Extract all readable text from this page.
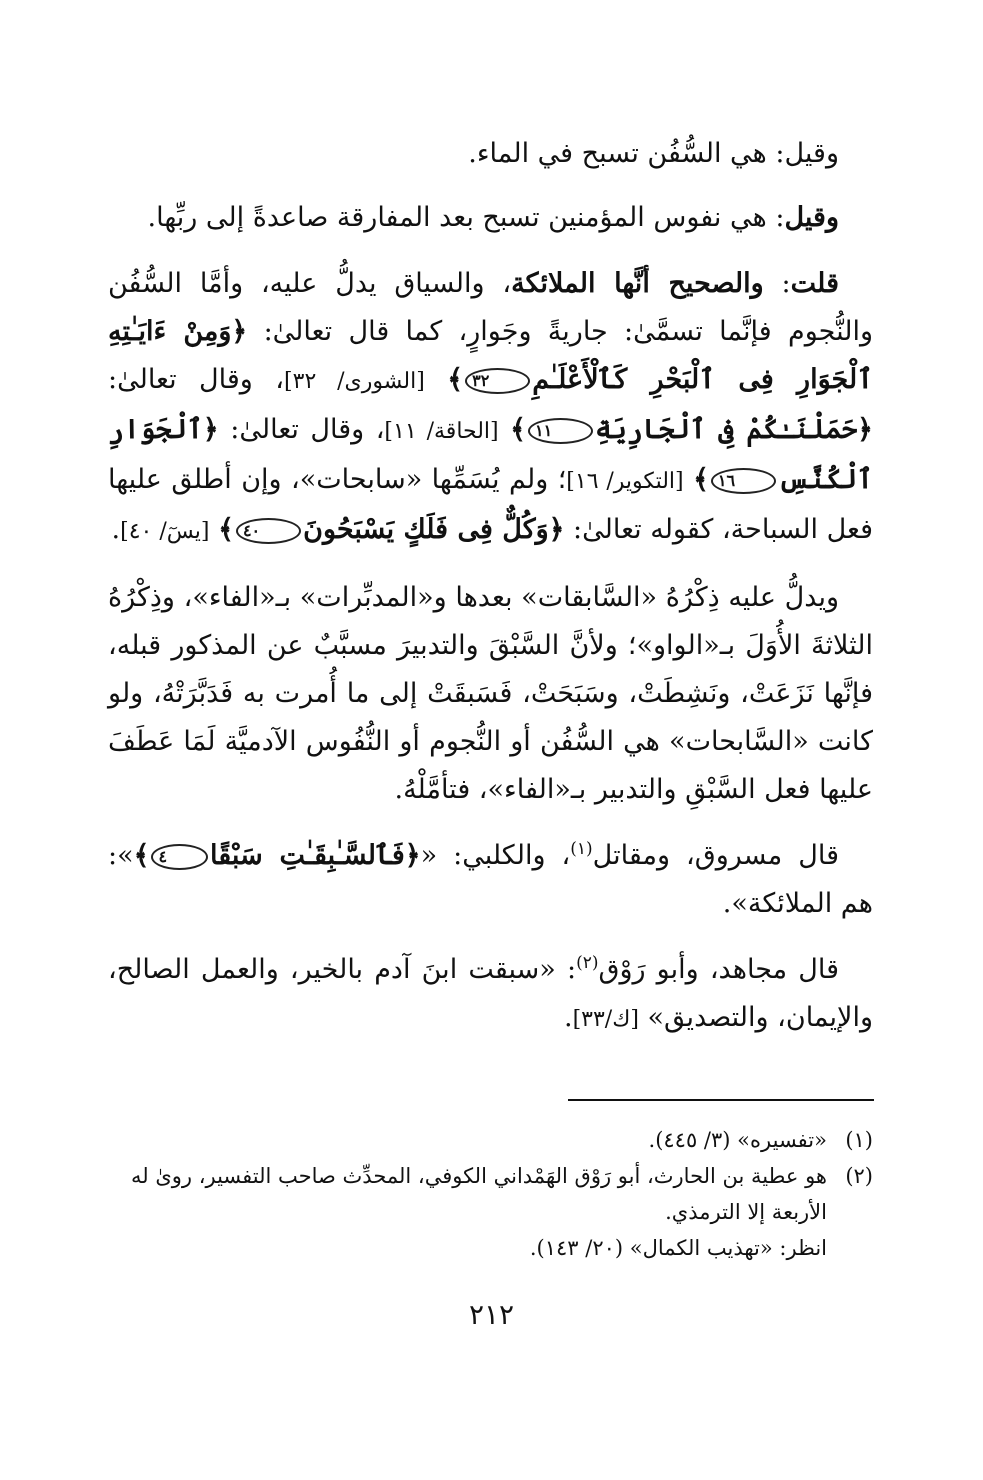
وقيل: هي السُّفُن تسبح في الماء.

وقيل: هي نفوس المؤمنين تسبح بعد المفارقة صاعدةً إلى ربِّها.

قلت: والصحيح أنَّها الملائكة، والسياق يدلُّ عليه، وأمَّا السُّفُن والنُّجوم فإنَّما تسمَّىٰ: جاريةً وجَوارٍ، كما قال تعالىٰ: ﴿وَمِنْ ءَايَـٰتِهِ ٱلْجَوَارِ فِى ٱلْبَحْرِ كَٱلْأَعْلَـٰمِ٣٢﴾ [الشورى/ ٣٢]، وقال تعالىٰ: ﴿حَمَلْنَـٰكُمْ فِى ٱلْجَارِيَةِ١١﴾ [الحاقة/ ١١]، وقال تعالىٰ: ﴿ٱلْجَوَارِ ٱلْكُنَّسِ١٦﴾ [التكوير/ ١٦]؛ ولم يُسَمِّها «سابحات»، وإن أطلق عليها فعل السباحة، كقوله تعالىٰ: ﴿وَكُلٌّ فِى فَلَكٍ يَسْبَحُونَ٤٠﴾ [يسٓ/ ٤٠].

ويدلُّ عليه ذِكْرُهُ «السَّابقات» بعدها و«المدبِّرات» بـ«الفاء»، وذِكْرُهُ الثلاثةَ الأُوَلَ بـ«الواو»؛ ولأنَّ السَّبْقَ والتدبيرَ مسبَّبٌ عن المذكور قبله، فإنَّها نَزَعَتْ، ونَشِطَتْ، وسَبَحَتْ، فَسَبقَتْ إلى ما أُمرت به فَدَبَّرَتْهُ، ولو كانت «السَّابحات» هي السُّفُن أو النُّجوم أو النُّفُوس الآدميَّة لَمَا عَطَفَ عليها فعل السَّبْقِ والتدبير بـ«الفاء»، فتأمَّلْهُ.

قال مسروق، ومقاتل$^{(١)}$، والكلبي: «﴿فَٱلسَّـٰبِقَـٰتِ سَبْقًا٤﴾»: هم الملائكة».

قال مجاهد، وأبو رَوْق$^{(٢)}$: «سبقت ابنَ آدم بالخير، والعمل الصالح، والإيمان، والتصديق» [ك/٣٣].

(١)
«تفسيره» (٣/ ٤٤٥).
(٢)
هو عطية بن الحارث، أبو رَوْق الهَمْداني الكوفي، المحدِّث صاحب التفسير، رویٰ له الأربعة إلا الترمذي.
انظر: «تهذيب الكمال» (٢٠/ ١٤٣).
٢١٢
